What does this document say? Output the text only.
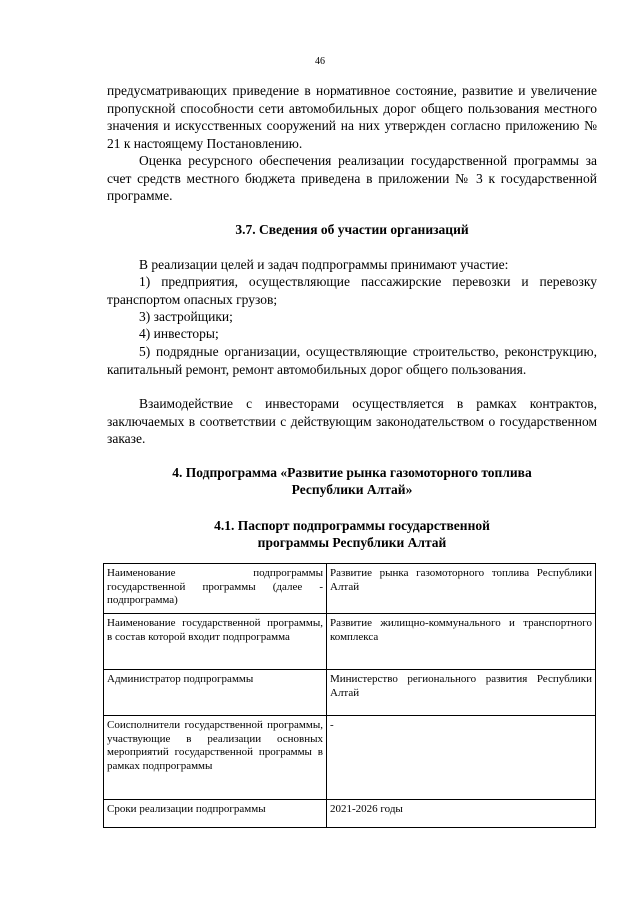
46

предусматривающих приведение в нормативное состояние, развитие и увеличение пропускной способности сети автомобильных дорог общего пользования местного значения и искусственных сооружений на них утвержден согласно приложению № 21 к настоящему Постановлению.

Оценка ресурсного обеспечения реализации государственной программы за счет средств местного бюджета приведена в приложении № 3 к государственной программе.

3.7. Сведения об участии организаций

В реализации целей и задач подпрограммы принимают участие:

1) предприятия, осуществляющие пассажирские перевозки и перевозку транспортом опасных грузов;

3) застройщики;

4) инвесторы;

5) подрядные организации, осуществляющие строительство, реконструкцию, капитальный ремонт, ремонт автомобильных дорог общего пользования.

Взаимодействие с инвесторами осуществляется в рамках контрактов, заключаемых в соответствии с действующим законодательством о государственном заказе.

4. Подпрограмма «Развитие рынка газомоторного топлива

Республики Алтай»

4.1. Паспорт подпрограммы государственной

программы Республики Алтай

Наименование подпрограммы государственной программы (далее - подпрограмма)	Развитие рынка газомоторного топлива Республики Алтай
Наименование государственной программы, в состав которой входит подпрограмма	Развитие жилищно-коммунального и транспортного комплекса
Администратор подпрограммы	Министерство регионального развития Республики Алтай
Соисполнители государственной программы, участвующие в реализации основных мероприятий государственной программы в рамках подпрограммы	-
Сроки реализации подпрограммы	2021-2026 годы
